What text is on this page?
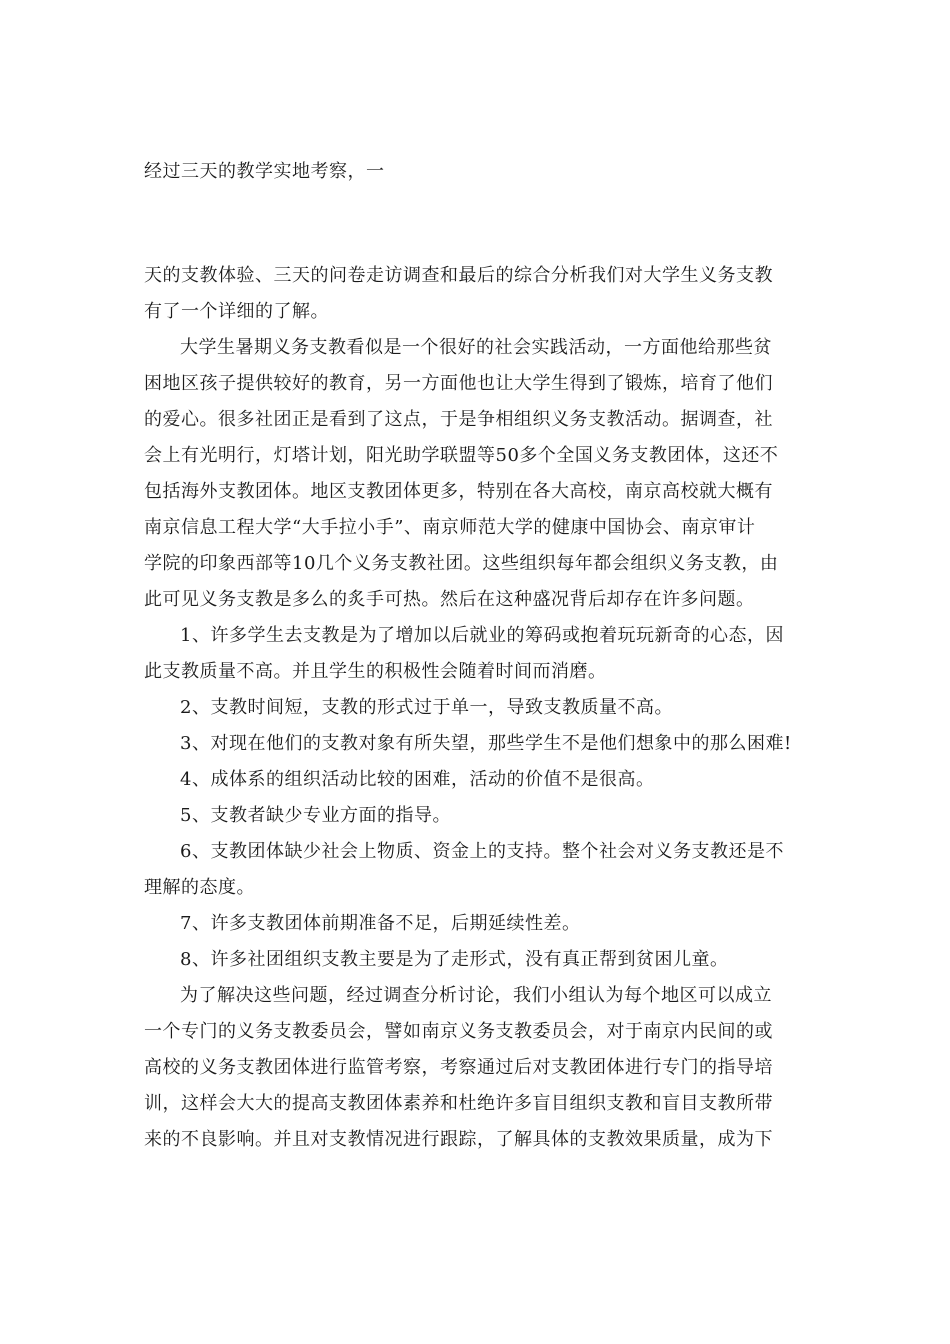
经过三天的教学实地考察，一
天的支教体验、三天的问卷走访调查和最后的综合分析我们对大学生义务支教
有了一个详细的了解。
大学生暑期义务支教看似是一个很好的社会实践活动，一方面他给那些贫
困地区孩子提供较好的教育，另一方面他也让大学生得到了锻炼，培育了他们
的爱心。很多社团正是看到了这点，于是争相组织义务支教活动。据调查，社
会上有光明行，灯塔计划，阳光助学联盟等50多个全国义务支教团体，这还不
包括海外支教团体。地区支教团体更多，特别在各大高校，南京高校就大概有
南京信息工程大学“大手拉小手”、南京师范大学的健康中国协会、南京审计
学院的印象西部等10几个义务支教社团。这些组织每年都会组织义务支教，由
此可见义务支教是多么的炙手可热。然后在这种盛况背后却存在许多问题。
1、许多学生去支教是为了增加以后就业的筹码或抱着玩玩新奇的心态，因
此支教质量不高。并且学生的积极性会随着时间而消磨。
2、支教时间短，支教的形式过于单一，导致支教质量不高。
3、对现在他们的支教对象有所失望，那些学生不是他们想象中的那么困难!
4、成体系的组织活动比较的困难，活动的价值不是很高。
5、支教者缺少专业方面的指导。
6、支教团体缺少社会上物质、资金上的支持。整个社会对义务支教还是不
理解的态度。
7、许多支教团体前期准备不足，后期延续性差。
8、许多社团组织支教主要是为了走形式，没有真正帮到贫困儿童。
为了解决这些问题，经过调查分析讨论，我们小组认为每个地区可以成立
一个专门的义务支教委员会，譬如南京义务支教委员会，对于南京内民间的或
高校的义务支教团体进行监管考察，考察通过后对支教团体进行专门的指导培
训，这样会大大的提高支教团体素养和杜绝许多盲目组织支教和盲目支教所带
来的不良影响。并且对支教情况进行跟踪，了解具体的支教效果质量，成为下
